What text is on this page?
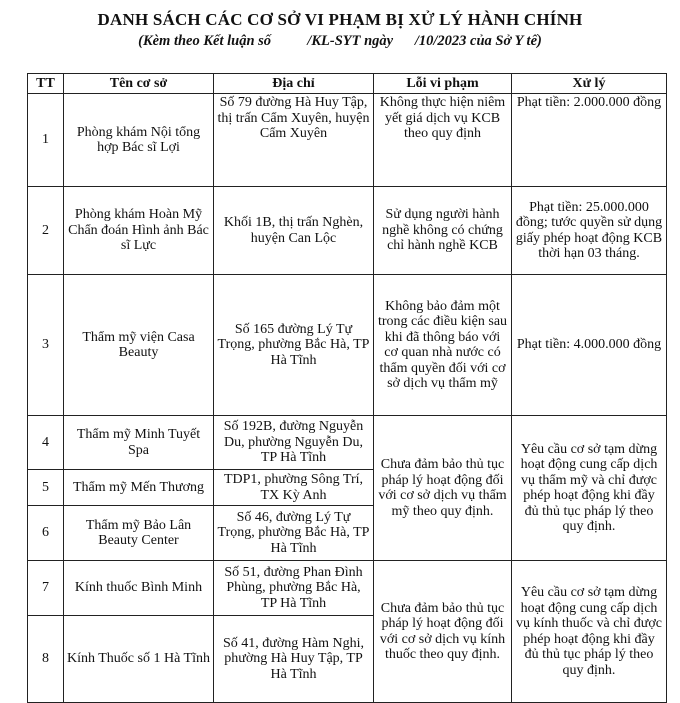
DANH SÁCH CÁC CƠ SỞ VI PHẠM BỊ XỬ LÝ HÀNH CHÍNH
(Kèm theo Kết luận số          /KL-SYT ngày      /10/2023 của Sở Y tế)
TT	Tên cơ sở	Địa chỉ	Lỗi vi phạm	Xử lý
1	Phòng khám Nội tổng hợp Bác sĩ Lợi	Số 79 đường Hà Huy Tập, thị trấn Cẩm Xuyên, huyện Cẩm Xuyên	Không thực hiện niêm yết giá dịch vụ KCB theo quy định	Phạt tiền: 2.000.000 đồng
2	Phòng khám Hoàn Mỹ Chẩn đoán Hình ảnh Bác sĩ Lực	Khối 1B, thị trấn Nghèn, huyện Can Lộc	Sử dụng người hành nghề không có chứng chỉ hành nghề KCB	Phạt tiền: 25.000.000 đồng; tước quyền sử dụng giấy phép hoạt động KCB thời hạn 03 tháng.
3	Thẩm mỹ viện Casa Beauty	Số 165 đường Lý Tự Trọng, phường Bắc Hà, TP Hà Tĩnh	Không bảo đảm một trong các điều kiện sau khi đã thông báo với cơ quan nhà nước có thẩm quyền đối với cơ sở dịch vụ thẩm mỹ	Phạt tiền: 4.000.000 đồng
4	Thẩm mỹ Minh Tuyết Spa	Số 192B, đường Nguyễn Du, phường Nguyễn Du, TP Hà Tĩnh	Chưa đảm bảo thủ tục pháp lý hoạt động đối với cơ sở dịch vụ thẩm mỹ theo quy định.	Yêu cầu cơ sở tạm dừng hoạt động cung cấp dịch vụ thẩm mỹ và chỉ được phép hoạt động khi đầy đủ thủ tục pháp lý theo quy định.
5	Thẩm mỹ Mến Thương	TDP1, phường Sông Trí, TX Kỳ Anh		
6	Thẩm mỹ Bảo Lân Beauty Center	Số 46, đường Lý Tự Trọng, phường Bắc Hà, TP Hà Tĩnh		
7	Kính thuốc Bình Minh	Số 51, đường Phan Đình Phùng, phường Bắc Hà, TP Hà Tĩnh	Chưa đảm bảo thủ tục pháp lý hoạt động đối với cơ sở dịch vụ kính thuốc theo quy định.	Yêu cầu cơ sở tạm dừng hoạt động cung cấp dịch vụ kính thuốc và chỉ được phép hoạt động khi đầy đủ thủ tục pháp lý theo quy định.
8	Kính Thuốc số 1 Hà Tĩnh	Số 41, đường Hàm Nghi, phường Hà Huy Tập, TP Hà Tĩnh		
